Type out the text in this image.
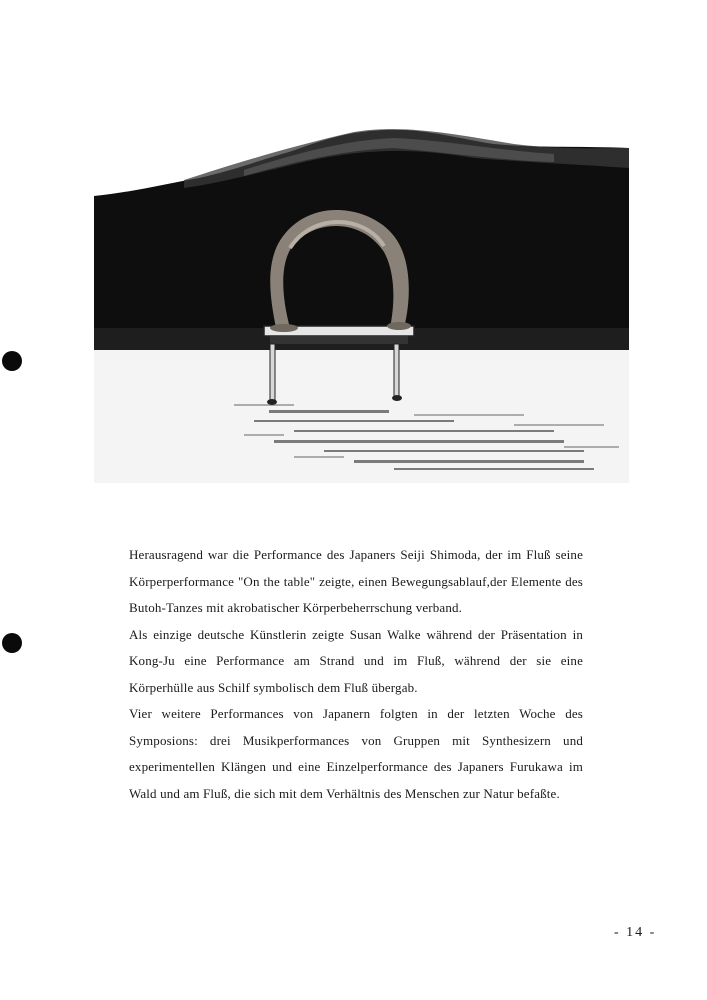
Herausragend war die Performance des Japaners Seiji Shimoda, der im Fluß seine Körperperformance "On the table" zeigte, einen Bewegungsablauf,der Elemente des Butoh-Tanzes mit akrobatischer Körperbeherrschung verband.

Als einzige deutsche Künstlerin zeigte Susan Walke während der Präsentation in Kong-Ju eine Performance am Strand und im Fluß, während der sie eine Körperhülle aus Schilf symbolisch dem Fluß übergab.

Vier weitere Performances von Japanern folgten in der letzten Woche des Symposions: drei Musikperformances von Gruppen mit Synthesizern und experimentellen Klängen und eine Einzelperformance des Japaners Furukawa im Wald und am Fluß, die sich mit dem Verhältnis des Menschen zur Natur befaßte.

- 14 -
